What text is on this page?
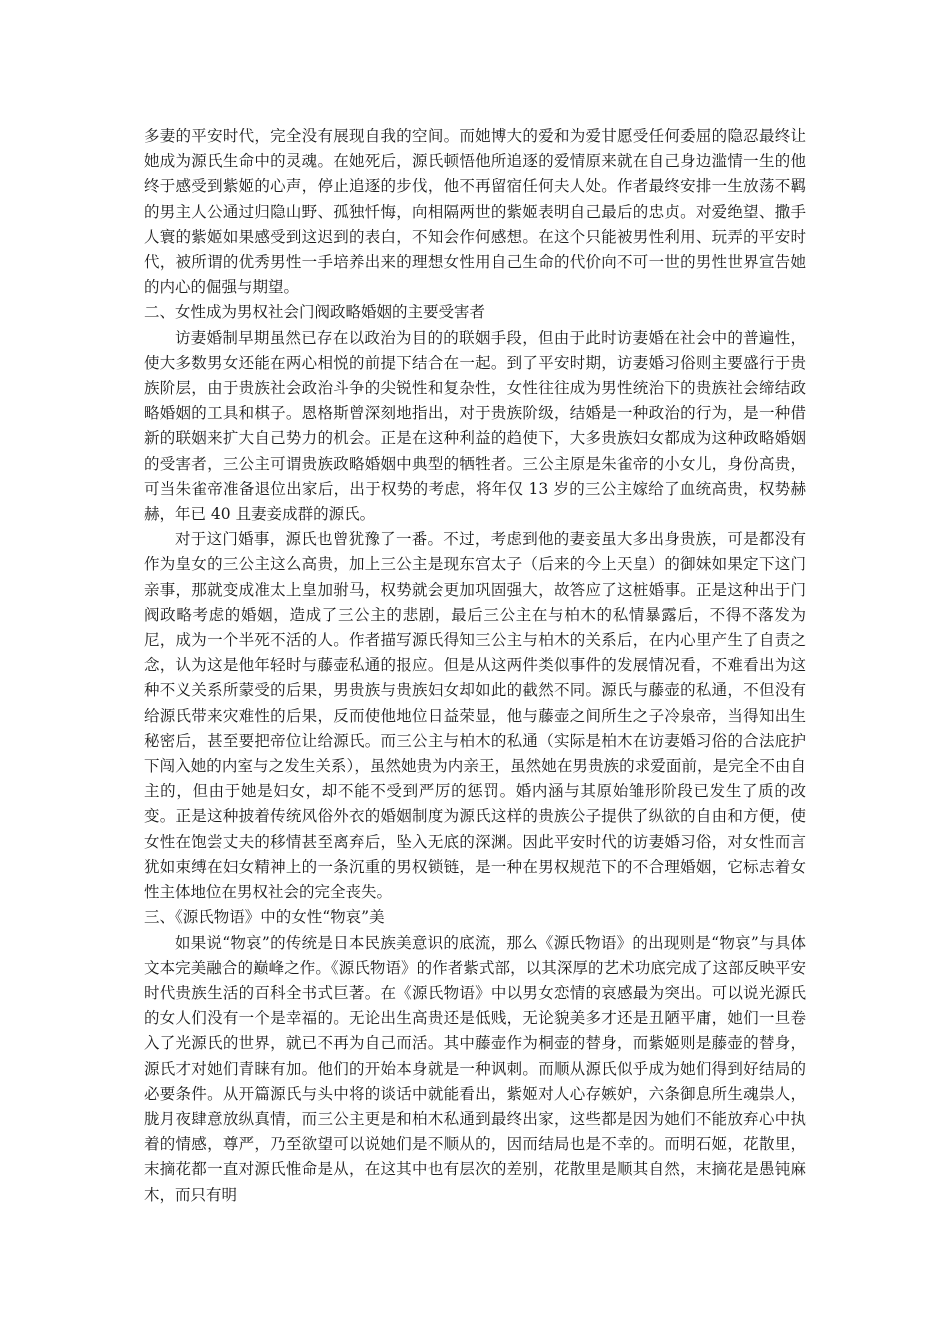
多妻的平安时代，完全没有展现自我的空间。而她博大的爱和为爱甘愿受任何委屈的隐忍最终让她成为源氏生命中的灵魂。在她死后，源氏顿悟他所追逐的爱情原来就在自己身边滥情一生的他终于感受到紫姬的心声，停止追逐的步伐，他不再留宿任何夫人处。作者最终安排一生放荡不羁的男主人公通过归隐山野、孤独忏悔，向相隔两世的紫姬表明自己最后的忠贞。对爱绝望、撒手人寰的紫姬如果感受到这迟到的表白，不知会作何感想。在这个只能被男性利用、玩弄的平安时代，被所谓的优秀男性一手培养出来的理想女性用自己生命的代价向不可一世的男性世界宣告她的内心的倔强与期望。

二、女性成为男权社会门阀政略婚姻的主要受害者

访妻婚制早期虽然已存在以政治为目的的联姻手段，但由于此时访妻婚在社会中的普遍性，使大多数男女还能在两心相悦的前提下结合在一起。到了平安时期，访妻婚习俗则主要盛行于贵族阶层，由于贵族社会政治斗争的尖锐性和复杂性，女性往往成为男性统治下的贵族社会缔结政略婚姻的工具和棋子。恩格斯曾深刻地指出，对于贵族阶级，结婚是一种政治的行为，是一种借新的联姻来扩大自己势力的机会。正是在这种利益的趋使下，大多贵族妇女都成为这种政略婚姻的受害者，三公主可谓贵族政略婚姻中典型的牺牲者。三公主原是朱雀帝的小女儿，身份高贵，可当朱雀帝准备退位出家后，出于权势的考虑，将年仅 13 岁的三公主嫁给了血统高贵，权势赫赫，年已 40 且妻妾成群的源氏。

对于这门婚事，源氏也曾犹豫了一番。不过，考虑到他的妻妾虽大多出身贵族，可是都没有作为皇女的三公主这么高贵，加上三公主是现东宫太子（后来的今上天皇）的御妹如果定下这门亲事，那就变成准太上皇加驸马，权势就会更加巩固强大，故答应了这桩婚事。正是这种出于门阀政略考虑的婚姻，造成了三公主的悲剧，最后三公主在与柏木的私情暴露后，不得不落发为尼，成为一个半死不活的人。作者描写源氏得知三公主与柏木的关系后，在内心里产生了自责之念，认为这是他年轻时与藤壶私通的报应。但是从这两件类似事件的发展情况看，不难看出为这种不义关系所蒙受的后果，男贵族与贵族妇女却如此的截然不同。源氏与藤壶的私通，不但没有给源氏带来灾难性的后果，反而使他地位日益荣显，他与藤壶之间所生之子冷泉帝，当得知出生秘密后，甚至要把帝位让给源氏。而三公主与柏木的私通（实际是柏木在访妻婚习俗的合法庇护下闯入她的内室与之发生关系），虽然她贵为内亲王，虽然她在男贵族的求爱面前，是完全不由自主的，但由于她是妇女，却不能不受到严厉的惩罚。婚内涵与其原始雏形阶段已发生了质的改变。正是这种披着传统风俗外衣的婚姻制度为源氏这样的贵族公子提供了纵欲的自由和方便，使女性在饱尝丈夫的移情甚至离弃后，坠入无底的深渊。因此平安时代的访妻婚习俗，对女性而言犹如束缚在妇女精神上的一条沉重的男权锁链，是一种在男权规范下的不合理婚姻，它标志着女性主体地位在男权社会的完全丧失。

三、《源氏物语》中的女性“物哀”美

如果说“物哀”的传统是日本民族美意识的底流，那么《源氏物语》的出现则是“物哀”与具体文本完美融合的巅峰之作。《源氏物语》的作者紫式部，以其深厚的艺术功底完成了这部反映平安时代贵族生活的百科全书式巨著。在《源氏物语》中以男女恋情的哀感最为突出。可以说光源氏的女人们没有一个是幸福的。无论出生高贵还是低贱，无论貌美多才还是丑陋平庸，她们一旦卷入了光源氏的世界，就已不再为自己而活。其中藤壶作为桐壶的替身，而紫姬则是藤壶的替身，源氏才对她们青睐有加。他们的开始本身就是一种讽刺。而顺从源氏似乎成为她们得到好结局的必要条件。从开篇源氏与头中将的谈话中就能看出，紫姬对人心存嫉妒，六条御息所生魂祟人，胧月夜肆意放纵真情，而三公主更是和柏木私通到最终出家，这些都是因为她们不能放弃心中执着的情感，尊严，乃至欲望可以说她们是不顺从的，因而结局也是不幸的。而明石姬，花散里，末摘花都一直对源氏惟命是从，在这其中也有层次的差别，花散里是顺其自然，末摘花是愚钝麻木，而只有明
